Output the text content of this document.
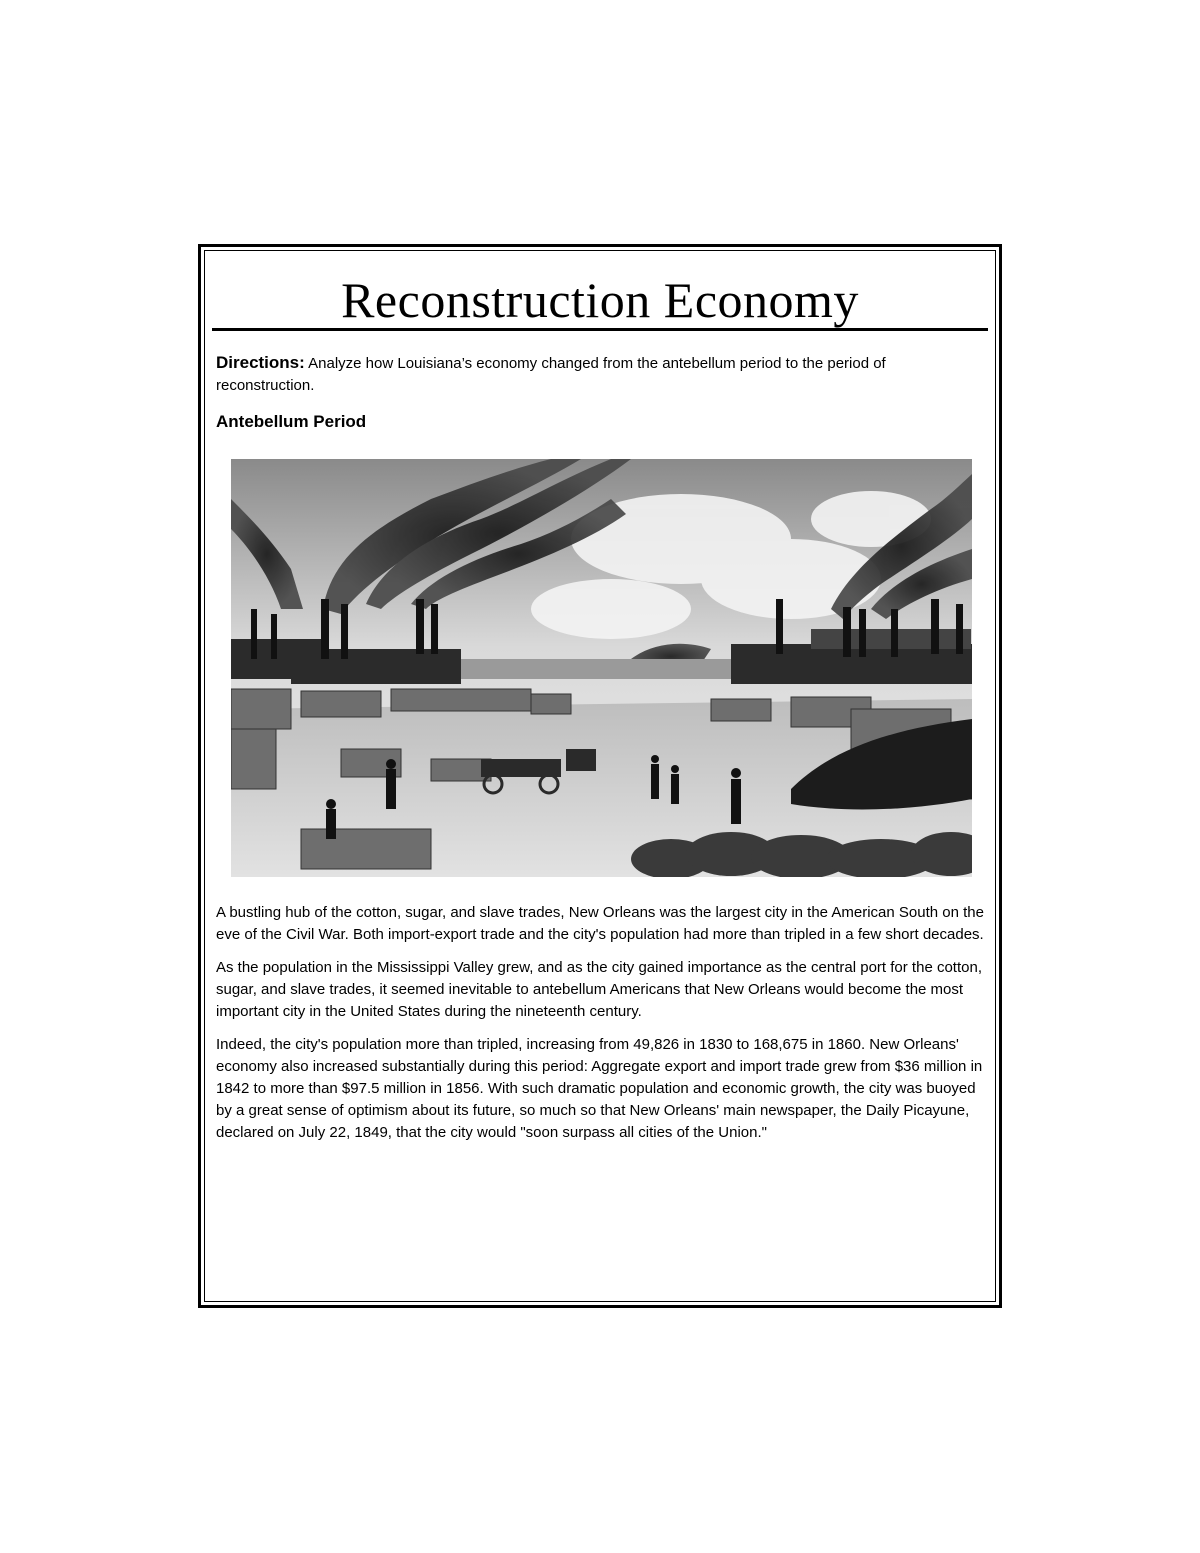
Reconstruction Economy
Directions: Analyze how Louisiana’s economy changed from the antebellum period to the period of reconstruction.
Antebellum Period

A bustling hub of the cotton, sugar, and slave trades, New Orleans was the largest city in the American South on the eve of the Civil War. Both import-export trade and the city's population had more than tripled in a few short decades.

As the population in the Mississippi Valley grew, and as the city gained importance as the central port for the cotton, sugar, and slave trades, it seemed inevitable to antebellum Americans that New Orleans would become the most important city in the United States during the nineteenth century.

Indeed, the city's population more than tripled, increasing from 49,826 in 1830 to 168,675 in 1860. New Orleans' economy also increased substantially during this period: Aggregate export and import trade grew from $36 million in 1842 to more than $97.5 million in 1856. With such dramatic population and economic growth, the city was buoyed by a great sense of optimism about its future, so much so that New Orleans' main newspaper, the Daily Picayune, declared on July 22, 1849, that the city would "soon surpass all cities of the Union."
